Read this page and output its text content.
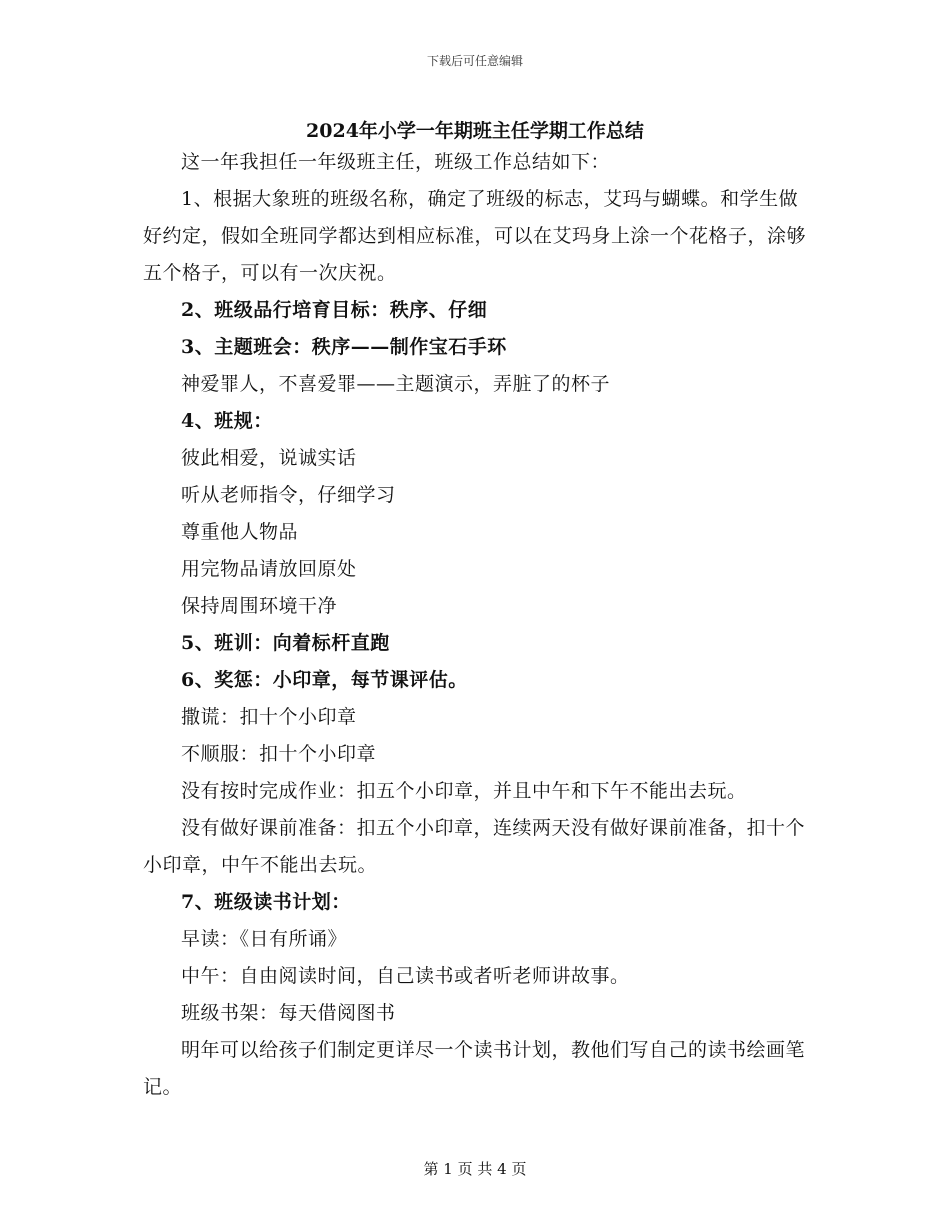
下载后可任意编辑
2024年小学一年期班主任学期工作总结

这一年我担任一年级班主任，班级工作总结如下：

1、根据大象班的班级名称，确定了班级的标志，艾玛与蝴蝶。和学生做好约定，假如全班同学都达到相应标准，可以在艾玛身上涂一个花格子，涂够五个格子，可以有一次庆祝。

2、班级品行培育目标：秩序、仔细

3、主题班会：秩序——制作宝石手环

神爱罪人，不喜爱罪——主题演示，弄脏了的杯子

4、班规：

彼此相爱，说诚实话

听从老师指令，仔细学习

尊重他人物品

用完物品请放回原处

保持周围环境干净

5、班训：向着标杆直跑

6、奖惩：小印章，每节课评估。

撒谎：扣十个小印章

不顺服：扣十个小印章

没有按时完成作业：扣五个小印章，并且中午和下午不能出去玩。

没有做好课前准备：扣五个小印章，连续两天没有做好课前准备，扣十个小印章，中午不能出去玩。

7、班级读书计划：

早读：《日有所诵》

中午：自由阅读时间，自己读书或者听老师讲故事。

班级书架：每天借阅图书

明年可以给孩子们制定更详尽一个读书计划，教他们写自己的读书绘画笔记。

第 1 页 共 4 页
